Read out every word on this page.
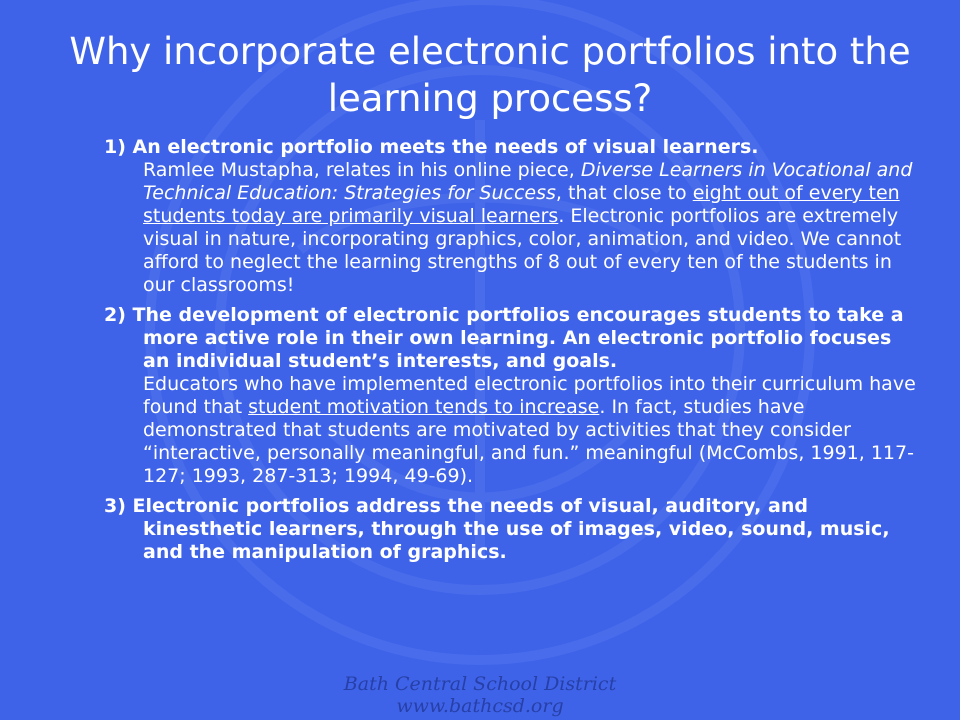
Why incorporate electronic portfolios into the learning process?

1) An electronic portfolio meets the needs of visual learners.
Ramlee Mustapha, relates in his online piece, Diverse Learners in Vocational and Technical Education: Strategies for Success, that close to eight out of every ten students today are primarily visual learners. Electronic portfolios are extremely visual in nature, incorporating graphics, color, animation, and video. We cannot afford to neglect the learning strengths of 8 out of every ten of the students in our classrooms!

2) The development of electronic portfolios encourages students to take a more active role in their own learning. An electronic portfolio focuses an individual student’s interests, and goals.
Educators who have implemented electronic portfolios into their curriculum have found that student motivation tends to increase. In fact, studies have demonstrated that students are motivated by activities that they consider “interactive, personally meaningful, and fun.” meaningful (McCombs, 1991, 117-127; 1993, 287-313; 1994, 49-69).

3) Electronic portfolios address the needs of visual, auditory, and kinesthetic learners, through the use of images, video, sound, music, and the manipulation of graphics.

Bath Central School District
www.bathcsd.org
